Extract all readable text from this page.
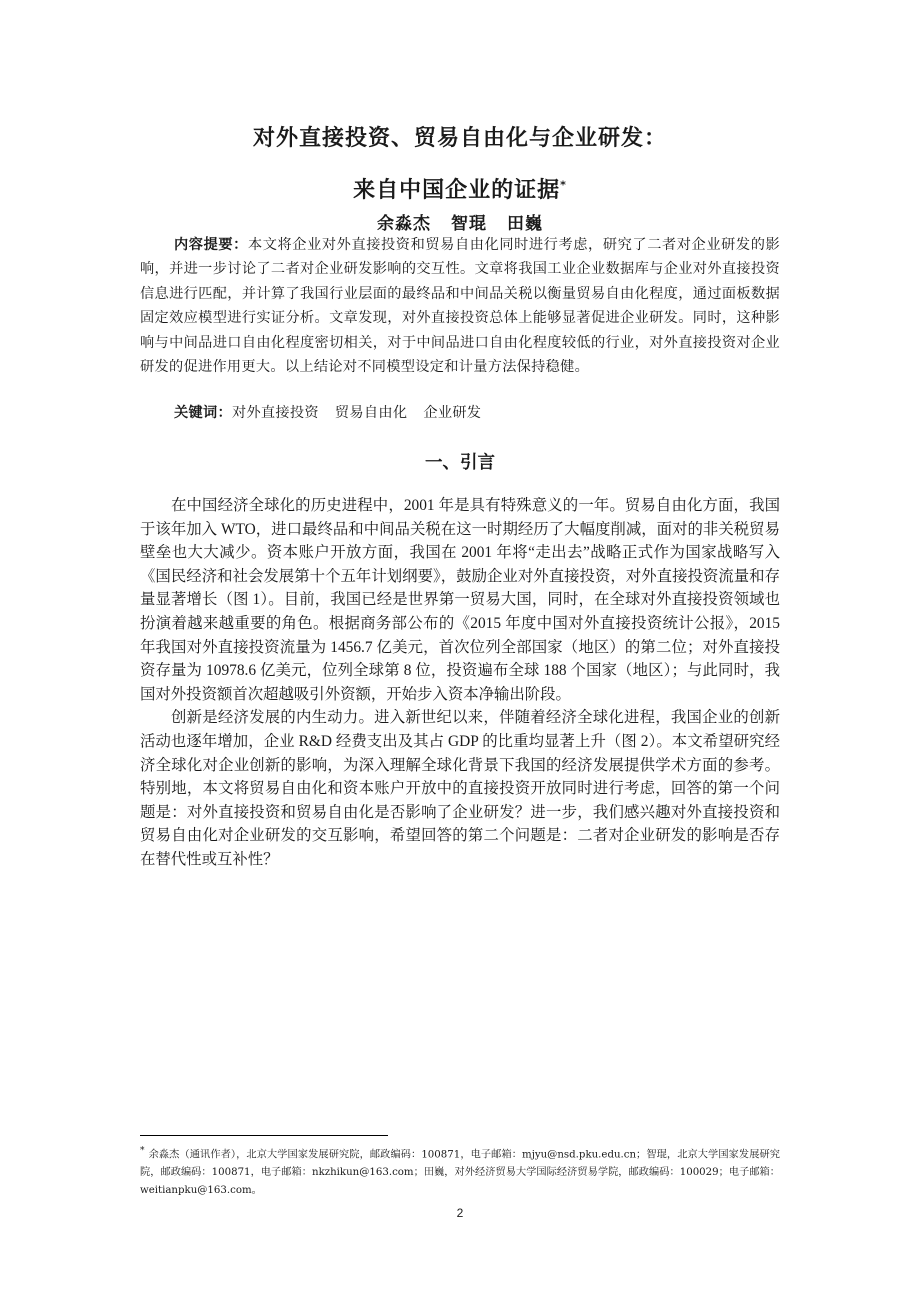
对外直接投资、贸易自由化与企业研发：
来自中国企业的证据*

余淼杰 智琨 田巍

内容提要：本文将企业对外直接投资和贸易自由化同时进行考虑，研究了二者对企业研发的影响，并进一步讨论了二者对企业研发影响的交互性。文章将我国工业企业数据库与企业对外直接投资信息进行匹配，并计算了我国行业层面的最终品和中间品关税以衡量贸易自由化程度，通过面板数据固定效应模型进行实证分析。文章发现，对外直接投资总体上能够显著促进企业研发。同时，这种影响与中间品进口自由化程度密切相关，对于中间品进口自由化程度较低的行业，对外直接投资对企业研发的促进作用更大。以上结论对不同模型设定和计量方法保持稳健。

关键词：对外直接投资 贸易自由化 企业研发

一、引言

在中国经济全球化的历史进程中，2001 年是具有特殊意义的一年。贸易自由化方面，我国于该年加入 WTO，进口最终品和中间品关税在这一时期经历了大幅度削减，面对的非关税贸易壁垒也大大减少。资本账户开放方面，我国在 2001 年将“走出去”战略正式作为国家战略写入《国民经济和社会发展第十个五年计划纲要》，鼓励企业对外直接投资，对外直接投资流量和存量显著增长（图 1）。目前，我国已经是世界第一贸易大国，同时，在全球对外直接投资领域也扮演着越来越重要的角色。根据商务部公布的《2015 年度中国对外直接投资统计公报》，2015 年我国对外直接投资流量为 1456.7 亿美元，首次位列全部国家（地区）的第二位；对外直接投资存量为 10978.6 亿美元，位列全球第 8 位，投资遍布全球 188 个国家（地区）；与此同时，我国对外投资额首次超越吸引外资额，开始步入资本净输出阶段。

创新是经济发展的内生动力。进入新世纪以来，伴随着经济全球化进程，我国企业的创新活动也逐年增加，企业 R&D 经费支出及其占 GDP 的比重均显著上升（图 2）。本文希望研究经济全球化对企业创新的影响，为深入理解全球化背景下我国的经济发展提供学术方面的参考。特别地，本文将贸易自由化和资本账户开放中的直接投资开放同时进行考虑，回答的第一个问题是：对外直接投资和贸易自由化是否影响了企业研发？进一步，我们感兴趣对外直接投资和贸易自由化对企业研发的交互影响，希望回答的第二个问题是：二者对企业研发的影响是否存在替代性或互补性？

* 余淼杰（通讯作者），北京大学国家发展研究院，邮政编码：100871，电子邮箱：mjyu@nsd.pku.edu.cn；智琨，北京大学国家发展研究院，邮政编码：100871，电子邮箱：nkzhikun@163.com；田巍，对外经济贸易大学国际经济贸易学院，邮政编码：100029；电子邮箱：weitianpku@163.com。

2
